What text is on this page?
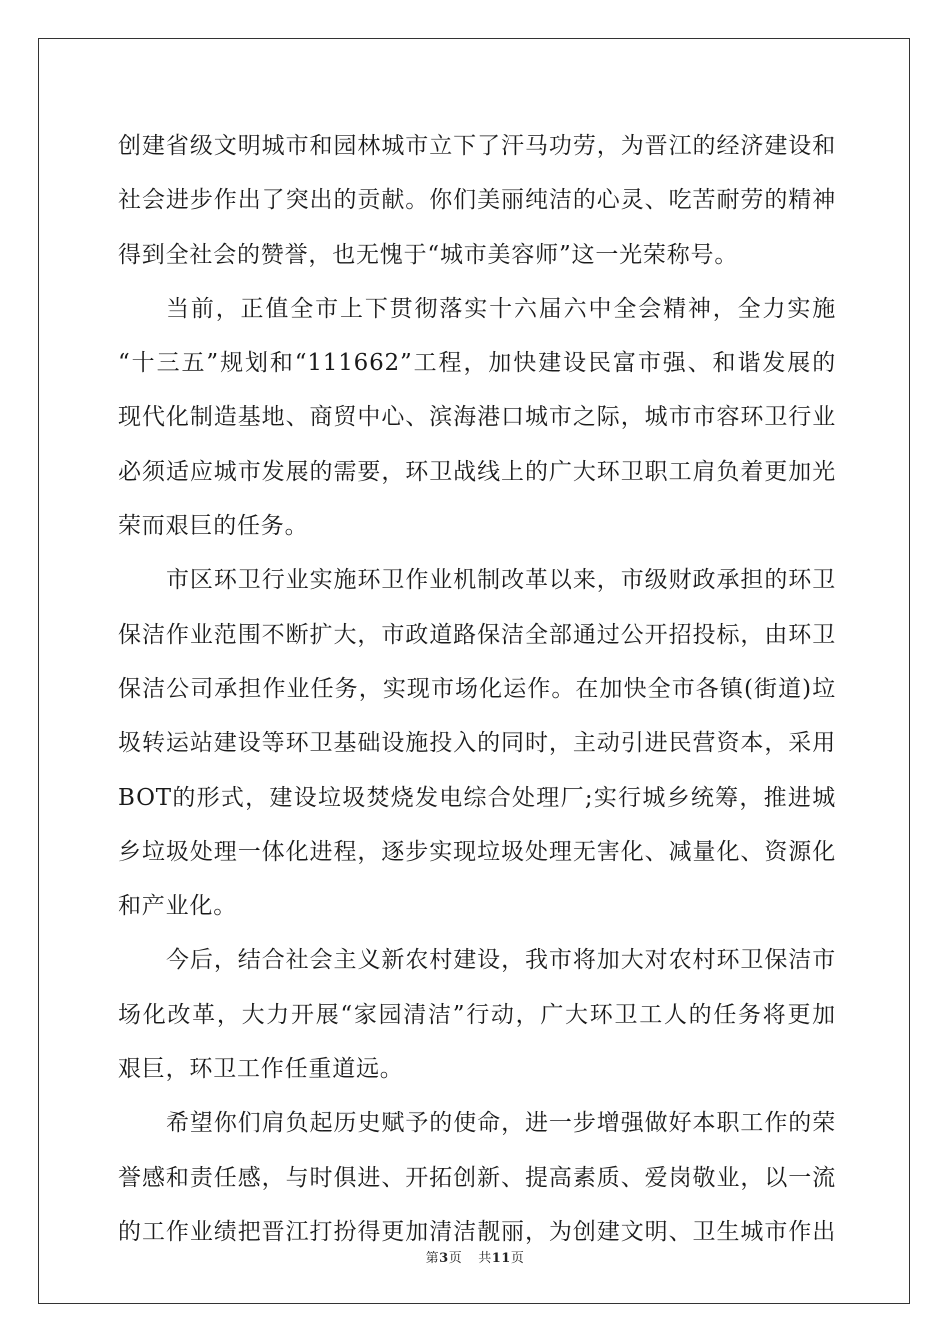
创建省级文明城市和园林城市立下了汗马功劳，为晋江的经济建设和
社会进步作出了突出的贡献。你们美丽纯洁的心灵、吃苦耐劳的精神
得到全社会的赞誉，也无愧于“城市美容师”这一光荣称号。
当前，正值全市上下贯彻落实十六届六中全会精神，全力实施
“十三五”规划和“111662”工程，加快建设民富市强、和谐发展的
现代化制造基地、商贸中心、滨海港口城市之际，城市市容环卫行业
必须适应城市发展的需要，环卫战线上的广大环卫职工肩负着更加光
荣而艰巨的任务。
市区环卫行业实施环卫作业机制改革以来，市级财政承担的环卫
保洁作业范围不断扩大，市政道路保洁全部通过公开招投标，由环卫
保洁公司承担作业任务，实现市场化运作。在加快全市各镇(街道)垃
圾转运站建设等环卫基础设施投入的同时，主动引进民营资本，采用
BOT的形式，建设垃圾焚烧发电综合处理厂;实行城乡统筹，推进城
乡垃圾处理一体化进程，逐步实现垃圾处理无害化、减量化、资源化
和产业化。
今后，结合社会主义新农村建设，我市将加大对农村环卫保洁市
场化改革，大力开展“家园清洁”行动，广大环卫工人的任务将更加
艰巨，环卫工作任重道远。
希望你们肩负起历史赋予的使命，进一步增强做好本职工作的荣
誉感和责任感，与时俱进、开拓创新、提高素质、爱岗敬业，以一流
的工作业绩把晋江打扮得更加清洁靓丽，为创建文明、卫生城市作出
第3页 共11页
